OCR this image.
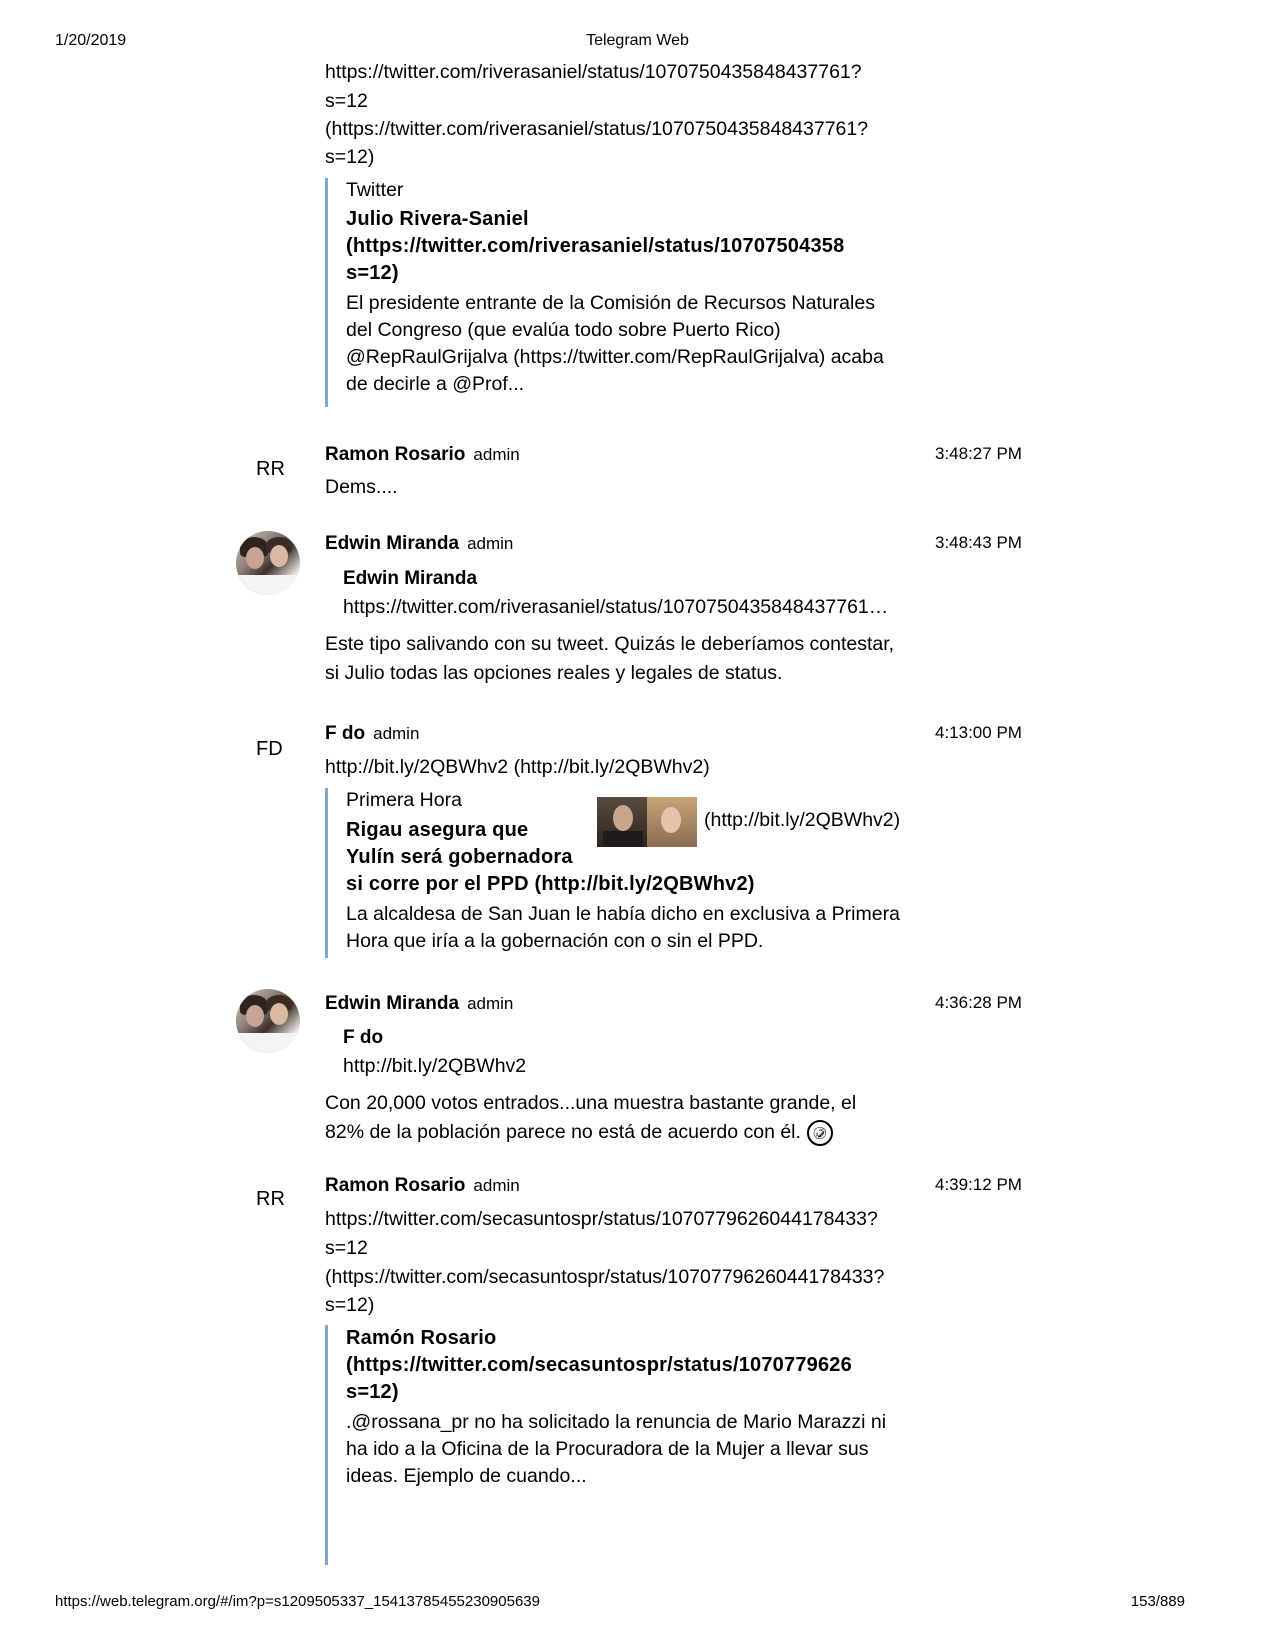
1/20/2019	Telegram Web
https://twitter.com/riverasaniel/status/1070750435848437761?
s=12
(https://twitter.com/riverasaniel/status/1070750435848437761?
s=12)
Twitter
Julio Rivera-Saniel
(https://twitter.com/riverasaniel/status/10707504358
s=12)
El presidente entrante de la Comisión de Recursos Naturales
del Congreso (que evalúa todo sobre Puerto Rico)
@RepRaulGrijalva (https://twitter.com/RepRaulGrijalva) acaba
de decirle a @Prof...
RR
Ramon Rosario admin	3:48:27 PM
Dems....
Edwin Miranda admin	3:48:43 PM
Edwin Miranda
https://twitter.com/riverasaniel/status/1070750435848437761…
Este tipo salivando con su tweet. Quizás le deberíamos contestar,
si Julio todas las opciones reales y legales de status.
FD
F do admin	4:13:00 PM
http://bit.ly/2QBWhv2 (http://bit.ly/2QBWhv2)
Primera Hora
(http://bit.ly/2QBWhv2)
Rigau asegura que
Yulín será gobernadora
si corre por el PPD (http://bit.ly/2QBWhv2)
La alcaldesa de San Juan le había dicho en exclusiva a Primera
Hora que iría a la gobernación con o sin el PPD.
Edwin Miranda admin	4:36:28 PM
F do
http://bit.ly/2QBWhv2
Con 20,000 votos entrados...una muestra bastante grande, el
82% de la población parece no está de acuerdo con él. 🤣︎
RR
Ramon Rosario admin	4:39:12 PM
https://twitter.com/secasuntospr/status/1070779626044178433?
s=12
(https://twitter.com/secasuntospr/status/1070779626044178433?
s=12)
Ramón Rosario
(https://twitter.com/secasuntospr/status/1070779626
s=12)
.@rossana_pr no ha solicitado la renuncia de Mario Marazzi ni
ha ido a la Oficina de la Procuradora de la Mujer a llevar sus
ideas. Ejemplo de cuando...
https://web.telegram.org/#/im?p=s1209505337_15413785455230905639	153/889
